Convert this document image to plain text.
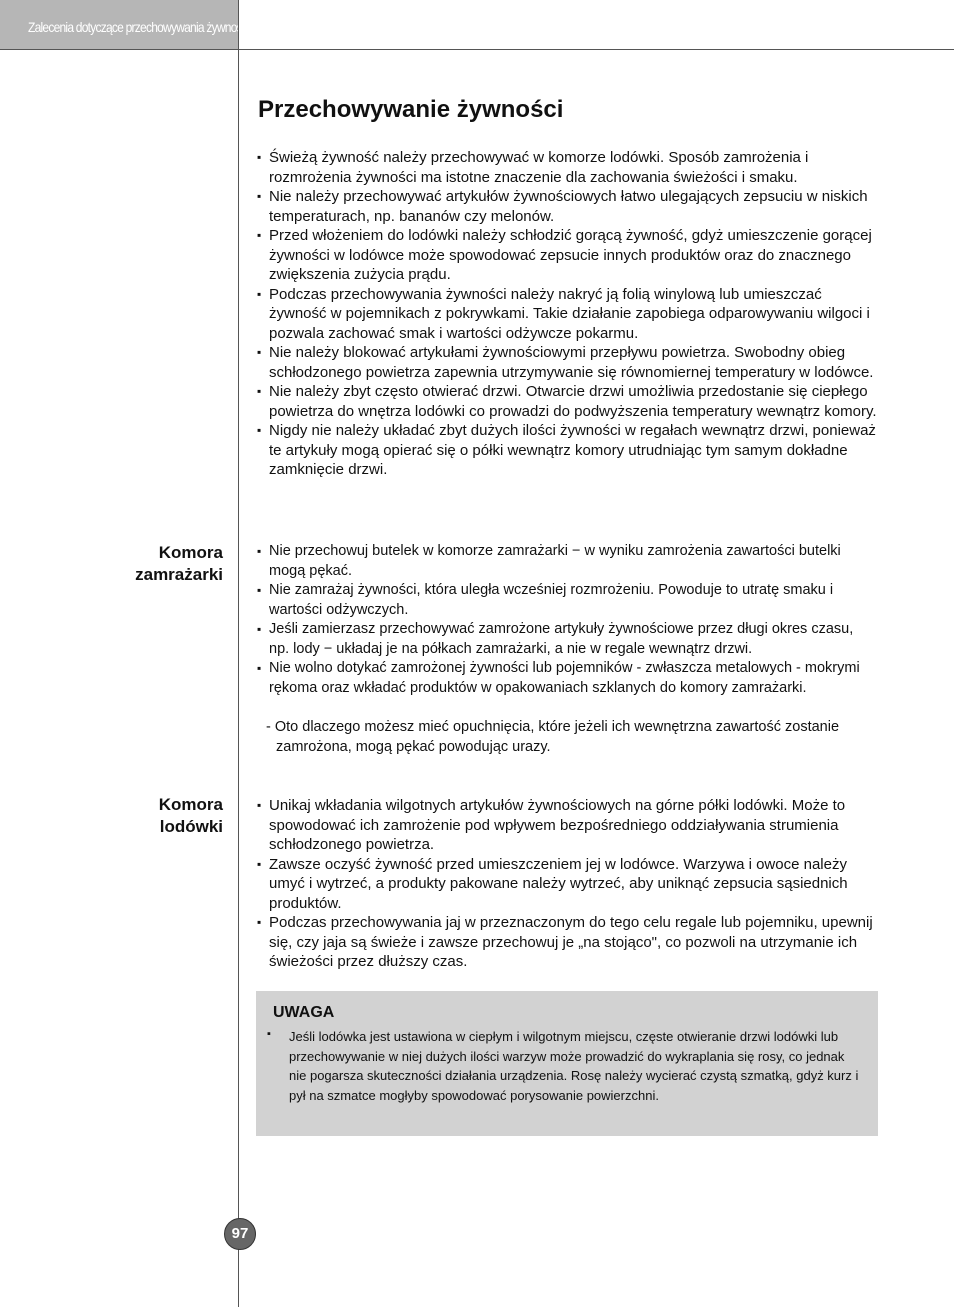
Zalecenia dotyczące przechowywania żywności
Przechowywanie żywności
▪ Świeżą żywność należy przechowywać w komorze lodówki. Sposób zamrożenia i rozmrożenia żywności ma istotne znaczenie dla zachowania świeżości i smaku.
▪ Nie należy przechowywać artykułów żywnościowych łatwo ulegających zepsuciu w niskich temperaturach, np. bananów czy melonów.
▪ Przed włożeniem do lodówki należy schłodzić gorącą żywność, gdyż umieszczenie gorącej żywności w lodówce może spowodować zepsucie innych produktów oraz do znacznego zwiększenia zużycia prądu.
▪ Podczas przechowywania żywności należy nakryć ją folią winylową lub umieszczać żywność w pojemnikach z pokrywkami. Takie działanie zapobiega odparowywaniu wilgoci i pozwala zachować smak i wartości odżywcze pokarmu.
▪ Nie należy blokować artykułami żywnościowymi przepływu powietrza. Swobodny obieg schłodzonego powietrza zapewnia utrzymywanie się równomiernej temperatury w lodówce.
▪ Nie należy zbyt często otwierać drzwi. Otwarcie drzwi umożliwia przedostanie się ciepłego powietrza do wnętrza lodówki co prowadzi do podwyższenia temperatury wewnątrz komory.
▪ Nigdy nie należy układać zbyt dużych ilości żywności w regałach wewnątrz drzwi, ponieważ te artykuły mogą opierać się o półki wewnątrz komory utrudniając tym samym dokładne zamknięcie drzwi.
Komora
zamrażarki
▪ Nie przechowuj butelek w komorze zamrażarki − w wyniku zamrożenia zawartości butelki mogą pękać.
▪ Nie zamrażaj żywności, która uległa wcześniej rozmrożeniu. Powoduje to utratę smaku i wartości odżywczych.
▪ Jeśli zamierzasz przechowywać zamrożone artykuły żywnościowe przez długi okres czasu, np. lody − układaj je na półkach zamrażarki, a nie w regale wewnątrz drzwi.
▪ Nie wolno dotykać zamrożonej żywności lub pojemników - zwłaszcza metalowych - mokrymi rękoma oraz wkładać produktów w opakowaniach szklanych do komory zamrażarki.
- Oto dlaczego możesz mieć opuchnięcia, które jeżeli ich wewnętrzna zawartość zostanie zamrożona, mogą pękać powodując urazy.
Komora
lodówki
▪ Unikaj wkładania wilgotnych artykułów żywnościowych na górne półki lodówki. Może to spowodować ich zamrożenie pod wpływem bezpośredniego oddziaływania strumienia schłodzonego powietrza.
▪ Zawsze oczyść żywność przed umieszczeniem jej w lodówce. Warzywa i owoce należy umyć i wytrzeć, a produkty pakowane należy wytrzeć, aby uniknąć zepsucia sąsiednich produktów.
▪ Podczas przechowywania jaj w przeznaczonym do tego celu regale lub pojemniku, upewnij się, czy jaja są świeże i zawsze przechowuj je „na stojąco", co pozwoli na utrzymanie ich świeżości przez dłuższy czas.
UWAGA
▪ Jeśli lodówka jest ustawiona w ciepłym i wilgotnym miejscu, częste otwieranie drzwi lodówki lub przechowywanie w niej dużych ilości warzyw może prowadzić do wykraplania się rosy, co jednak nie pogarsza skuteczności działania urządzenia. Rosę należy wycierać czystą szmatką, gdyż kurz i pył na szmatce mogłyby spowodować porysowanie powierzchni.
97
